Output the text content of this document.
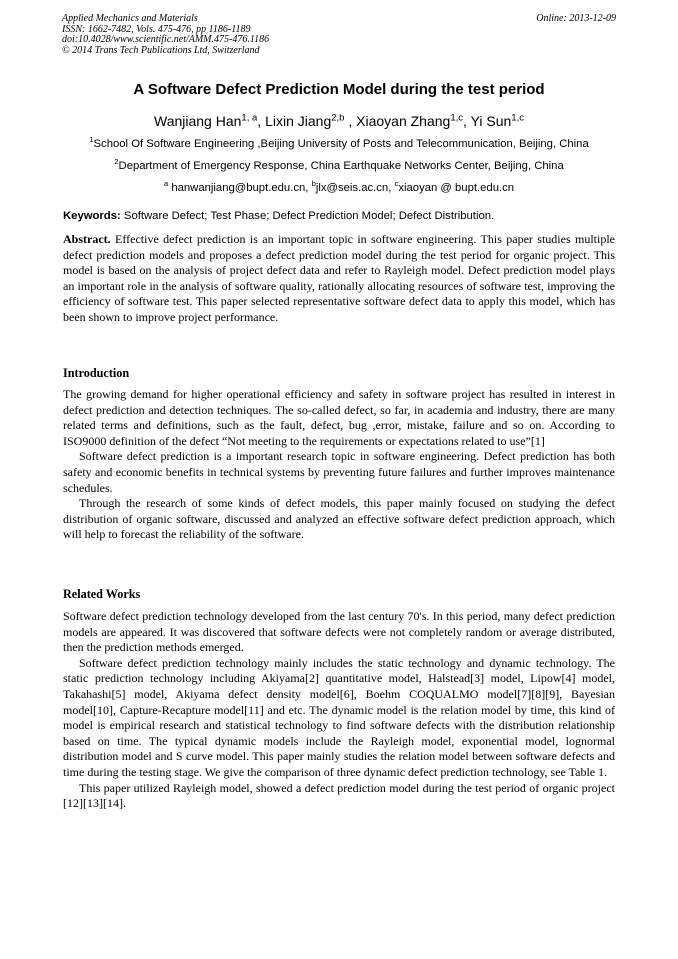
Applied Mechanics and Materials
ISSN: 1662-7482, Vols. 475-476, pp 1186-1189
doi:10.4028/www.scientific.net/AMM.475-476.1186
© 2014 Trans Tech Publications Ltd, Switzerland
Online: 2013-12-09
A Software Defect Prediction Model during the test period
Wanjiang Han$^{1, a}$, Lixin Jiang$^{2,b}$ , Xiaoyan Zhang$^{1,c}$, Yi Sun$^{1,c}$
$^1$School Of Software Engineering ,Beijing University of Posts and Telecommunication, Beijing, China
$^2$Department of Emergency Response, China Earthquake Networks Center, Beijing, China
$^a$ hanwanjiang@bupt.edu.cn, $^b$jlx@seis.ac.cn, $^c$xiaoyan @ bupt.edu.cn
Keywords: Software Defect; Test Phase; Defect Prediction Model; Defect Distribution.

Abstract. Effective defect prediction is an important topic in software engineering. This paper studies multiple defect prediction models and proposes a defect prediction model during the test period for organic project. This model is based on the analysis of project defect data and refer to Rayleigh model. Defect prediction model plays an important role in the analysis of software quality, rationally allocating resources of software test, improving the efficiency of software test. This paper selected representative software defect data to apply this model, which has been shown to improve project performance.

Introduction

The growing demand for higher operational efficiency and safety in software project has resulted in interest in defect prediction and detection techniques. The so-called defect, so far, in academia and industry, there are many related terms and definitions, such as the fault, defect, bug ,error, mistake, failure and so on. According to ISO9000 definition of the defect “Not meeting to the requirements or expectations related to use”[1]

Software defect prediction is a important research topic in software engineering. Defect prediction has both safety and economic benefits in technical systems by preventing future failures and further improves maintenance schedules.

Through the research of some kinds of defect models, this paper mainly focused on studying the defect distribution of organic software, discussed and analyzed an effective software defect prediction approach, which will help to forecast the reliability of the software.

Related Works

Software defect prediction technology developed from the last century 70's. In this period, many defect prediction models are appeared. It was discovered that software defects were not completely random or average distributed, then the prediction methods emerged.

Software defect prediction technology mainly includes the static technology and dynamic technology. The static prediction technology including Akiyama[2] quantitative model, Halstead[3] model, Lipow[4] model, Takahashi[5] model, Akiyama defect density model[6], Boehm COQUALMO model[7][8][9], Bayesian model[10], Capture-Recapture model[11] and etc. The dynamic model is the relation model by time, this kind of model is empirical research and statistical technology to find software defects with the distribution relationship based on time. The typical dynamic models include the Rayleigh model, exponential model, lognormal distribution model and S curve model. This paper mainly studies the relation model between software defects and time during the testing stage. We give the comparison of three dynamic defect prediction technology, see Table 1.

This paper utilized Rayleigh model, showed a defect prediction model during the test period of organic project [12][13][14].
